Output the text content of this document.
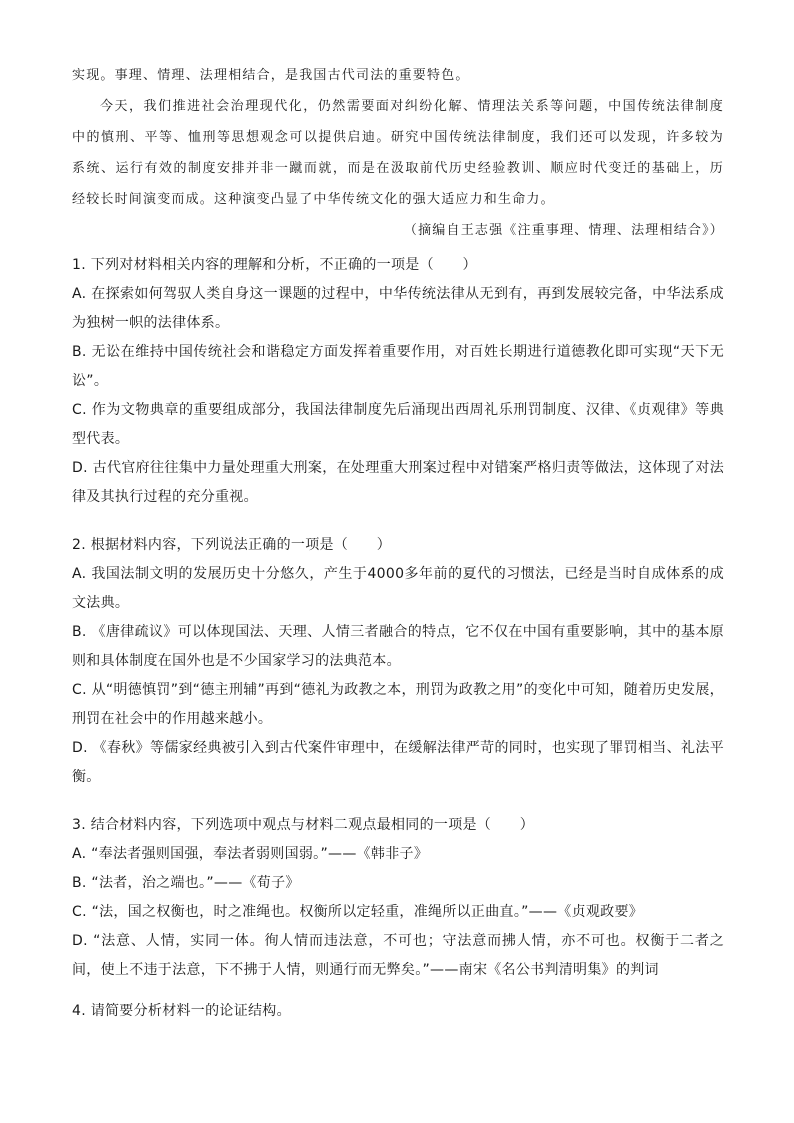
实现。事理、情理、法理相结合，是我国古代司法的重要特色。

今天，我们推进社会治理现代化，仍然需要面对纠纷化解、情理法关系等问题，中国传统法律制度中的慎刑、平等、恤刑等思想观念可以提供启迪。研究中国传统法律制度，我们还可以发现，许多较为系统、运行有效的制度安排并非一蹴而就，而是在汲取前代历史经验教训、顺应时代变迁的基础上，历经较长时间演变而成。这种演变凸显了中华传统文化的强大适应力和生命力。

（摘编自王志强《注重事理、情理、法理相结合》）

1. 下列对材料相关内容的理解和分析，不正确的一项是（　　）

A. 在探索如何驾驭人类自身这一课题的过程中，中华传统法律从无到有，再到发展较完备，中华法系成为独树一帜的法律体系。

B. 无讼在维持中国传统社会和谐稳定方面发挥着重要作用，对百姓长期进行道德教化即可实现“天下无讼”。

C. 作为文物典章的重要组成部分，我国法律制度先后涌现出西周礼乐刑罚制度、汉律、《贞观律》等典型代表。

D. 古代官府往往集中力量处理重大刑案，在处理重大刑案过程中对错案严格归责等做法，这体现了对法律及其执行过程的充分重视。

2. 根据材料内容，下列说法正确的一项是（　　）

A. 我国法制文明的发展历史十分悠久，产生于4000多年前的夏代的习惯法，已经是当时自成体系的成文法典。

B. 《唐律疏议》可以体现国法、天理、人情三者融合的特点，它不仅在中国有重要影响，其中的基本原则和具体制度在国外也是不少国家学习的法典范本。

C. 从“明德慎罚”到“德主刑辅”再到“德礼为政教之本，刑罚为政教之用”的变化中可知，随着历史发展，刑罚在社会中的作用越来越小。

D. 《春秋》等儒家经典被引入到古代案件审理中，在缓解法律严苛的同时，也实现了罪罚相当、礼法平衡。

3. 结合材料内容，下列选项中观点与材料二观点最相同的一项是（　　）

A. “奉法者强则国强，奉法者弱则国弱。”——《韩非子》

B. “法者，治之端也。”——《荀子》

C. “法，国之权衡也，时之准绳也。权衡所以定轻重，准绳所以正曲直。”——《贞观政要》

D. “法意、人情，实同一体。徇人情而违法意，不可也；守法意而拂人情，亦不可也。权衡于二者之间，使上不违于法意，下不拂于人情，则通行而无弊矣。”——南宋《名公书判清明集》的判词

4. 请简要分析材料一的论证结构。
